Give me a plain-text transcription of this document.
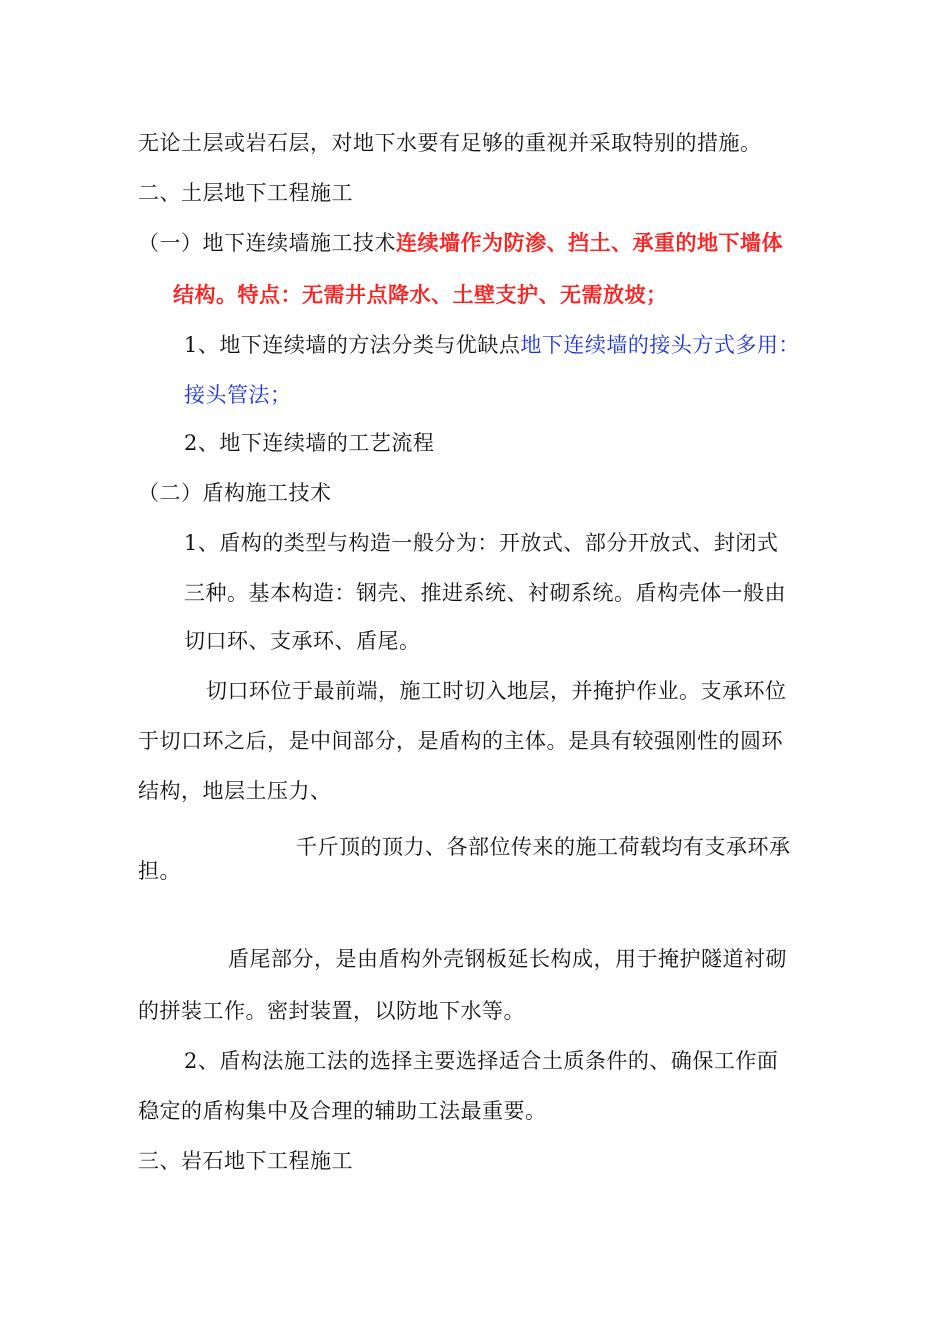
无论土层或岩石层，对地下水要有足够的重视并采取特别的措施。
二、土层地下工程施工
（一）地下连续墙施工技术连续墙作为防渗、挡土、承重的地下墙体
结构。特点：无需井点降水、土壁支护、无需放坡；
1、地下连续墙的方法分类与优缺点地下连续墙的接头方式多用：
接头管法；
2、地下连续墙的工艺流程
（二）盾构施工技术
1、盾构的类型与构造一般分为：开放式、部分开放式、封闭式
三种。基本构造：钢壳、推进系统、衬砌系统。盾构壳体一般由
切口环、支承环、盾尾。
切口环位于最前端，施工时切入地层，并掩护作业。支承环位
于切口环之后，是中间部分，是盾构的主体。是具有较强刚性的圆环
结构，地层土压力、
千斤顶的顶力、各部位传来的施工荷载均有支承环承
担。
盾尾部分，是由盾构外壳钢板延长构成，用于掩护隧道衬砌
的拼装工作。密封装置，以防地下水等。
2、盾构法施工法的选择主要选择适合土质条件的、确保工作面
稳定的盾构集中及合理的辅助工法最重要。
三、岩石地下工程施工
